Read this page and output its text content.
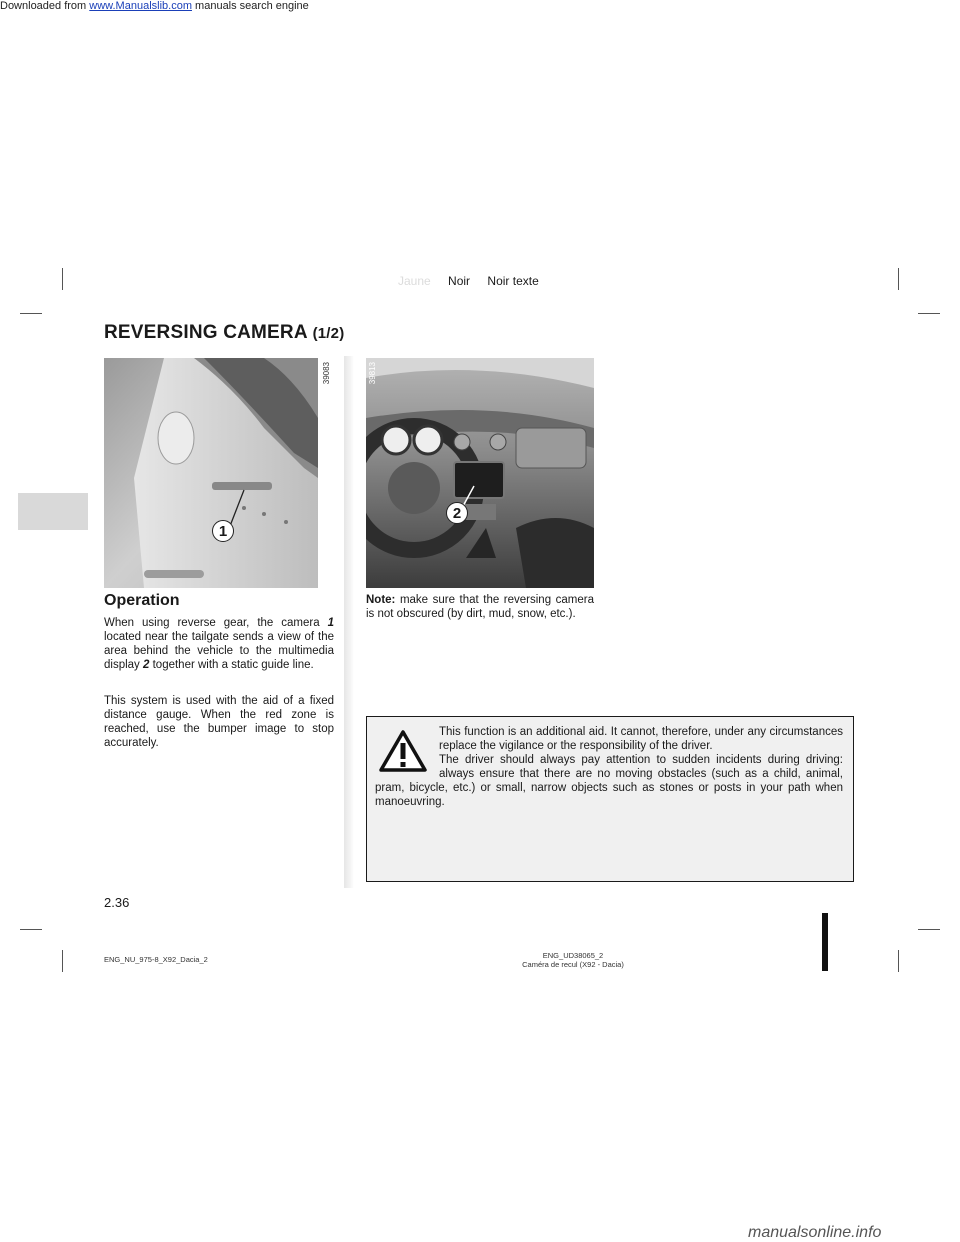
Downloaded from www.Manualslib.com manuals search engine
Jaune Noir Noir texte
REVERSING CAMERA (1/2)
1
39083
2
39813
Operation
When using reverse gear, the camera 1 located near the tailgate sends a view of the area behind the vehicle to the multimedia display 2 together with a static guide line.
This system is used with the aid of a fixed distance gauge. When the red zone is reached, use the bumper image to stop accurately.
Note: make sure that the reversing camera is not obscured (by dirt, mud, snow, etc.).
This function is an additional aid. It cannot, therefore, under any circumstances replace the vigilance or the responsibility of the driver.
The driver should always pay attention to sudden incidents during driving: always ensure that there are no moving obstacles (such as a child, animal, pram, bicycle, etc.) or small, narrow objects such as stones or posts in your path when manoeuvring.
2.36
ENG_NU_975-8_X92_Dacia_2	ENG_UD38065_2
Caméra de recul (X92 - Dacia)
manualsonline.info
